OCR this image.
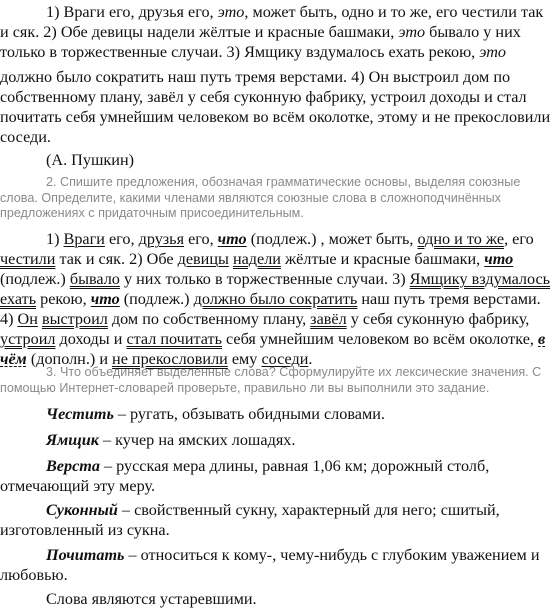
1) Враги его, друзья его, это, может быть, одно и то же, его честили так и сяк. 2) Обе девицы надели жёлтые и красные башмаки, это бывало у них только в торжественные случаи. 3) Ямщику вздумалось ехать рекою, это
должно было сократить наш путь тремя верстами. 4) Он выстроил дом по собственному плану, завёл у себя суконную фабрику, устроил доходы и стал почитать себя умнейшим человеком во всём околотке, этому и не прекословили соседи.
(А. Пушкин)
2. Спишите предложения, обозначая грамматические основы, выделяя союзные слова. Определите, какими членами являются союзные слова в сложноподчинённых предложениях с придаточным присоединительным.
1) Враги его, друзья его, что (подлеж.) , может быть, одно и то же, его честили так и сяк. 2) Обе девицы надели жёлтые и красные башмаки, что (подлеж.) бывало у них только в торжественные случаи. 3) Ямщику вздумалось ехать рекою, что (подлеж.) должно было сократить наш путь тремя верстами. 4) Он выстроил дом по собственному плану, завёл у себя суконную фабрику, устроил доходы и стал почитать себя умнейшим человеком во всём околотке, в чём (дополн.) и не прекословили ему соседи.
3. Что объединяет выделенные слова? Сформулируйте их лексические значения. С помощью Интернет-словарей проверьте, правильно ли вы выполнили это задание.
Честить – ругать, обзывать обидными словами.
Ямщик – кучер на ямских лошадях.
Верста – русская мера длины, равная 1,06 км; дорожный столб, отмечающий эту меру.
Суконный – свойственный сукну, характерный для него; сшитый, изготовленный из сукна.
Почитать – относиться к кому-, чему-нибудь с глубоким уважением и любовью.
Слова являются устаревшими.
